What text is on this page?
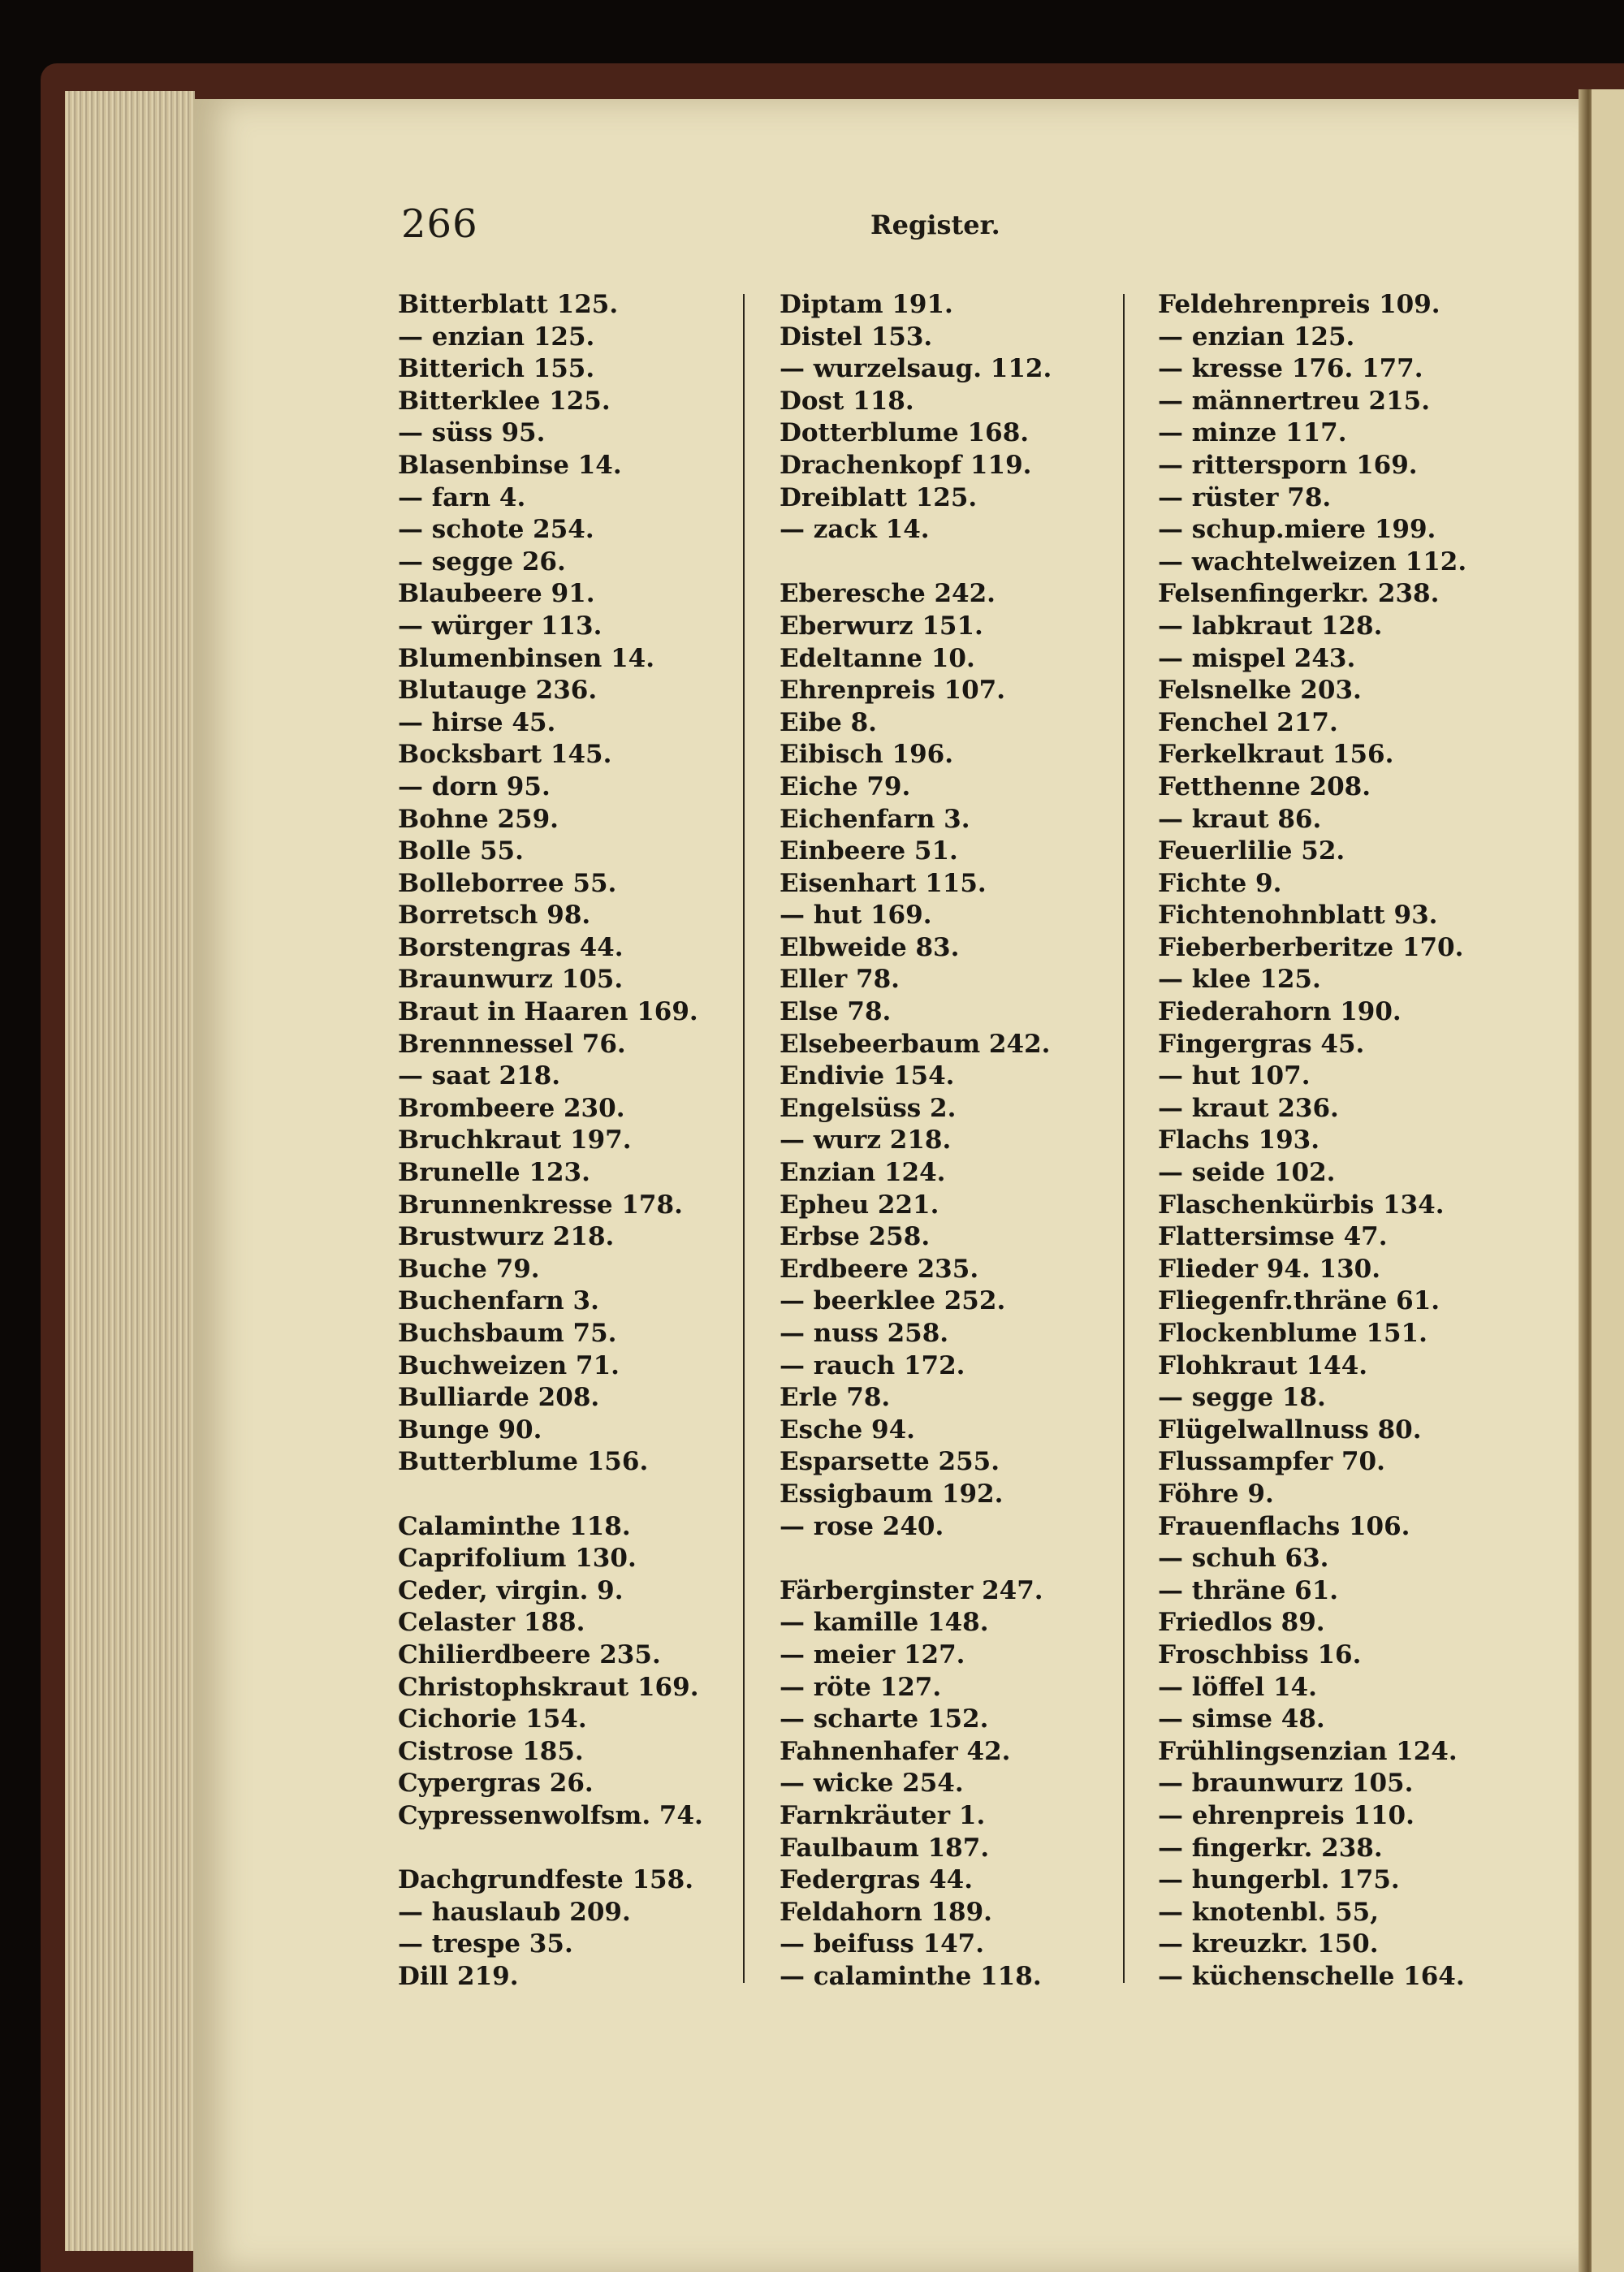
266	Register.
Bitterblatt 125.
— enzian 125.
Bitterich 155.
Bitterklee 125.
— süss 95.
Blasenbinse 14.
— farn 4.
— schote 254.
— segge 26.
Blaubeere 91.
— würger 113.
Blumenbinsen 14.
Blutauge 236.
— hirse 45.
Bocksbart 145.
— dorn 95.
Bohne 259.
Bolle 55.
Bolleborree 55.
Borretsch 98.
Borstengras 44.
Braunwurz 105.
Braut in Haaren 169.
Brennnessel 76.
— saat 218.
Brombeere 230.
Bruchkraut 197.
Brunelle 123.
Brunnenkresse 178.
Brustwurz 218.
Buche 79.
Buchenfarn 3.
Buchsbaum 75.
Buchweizen 71.
Bulliarde 208.
Bunge 90.
Butterblume 156.
Calaminthe 118.
Caprifolium 130.
Ceder, virgin. 9.
Celaster 188.
Chilierdbeere 235.
Christophskraut 169.
Cichorie 154.
Cistrose 185.
Cypergras 26.
Cypressenwolfsm. 74.
Dachgrundfeste 158.
— hauslaub 209.
— trespe 35.
Dill 219.
Diptam 191.
Distel 153.
— wurzelsaug. 112.
Dost 118.
Dotterblume 168.
Drachenkopf 119.
Dreiblatt 125.
— zack 14.
Eberesche 242.
Eberwurz 151.
Edeltanne 10.
Ehrenpreis 107.
Eibe 8.
Eibisch 196.
Eiche 79.
Eichenfarn 3.
Einbeere 51.
Eisenhart 115.
— hut 169.
Elbweide 83.
Eller 78.
Else 78.
Elsebeerbaum 242.
Endivie 154.
Engelsüss 2.
— wurz 218.
Enzian 124.
Epheu 221.
Erbse 258.
Erdbeere 235.
— beerklee 252.
— nuss 258.
— rauch 172.
Erle 78.
Esche 94.
Esparsette 255.
Essigbaum 192.
— rose 240.
Färberginster 247.
— kamille 148.
— meier 127.
— röte 127.
— scharte 152.
Fahnenhafer 42.
— wicke 254.
Farnkräuter 1.
Faulbaum 187.
Federgras 44.
Feldahorn 189.
— beifuss 147.
— calaminthe 118.
Feldehrenpreis 109.
— enzian 125.
— kresse 176. 177.
— männertreu 215.
— minze 117.
— rittersporn 169.
— rüster 78.
— schup.miere 199.
— wachtelweizen 112.
Felsenfingerkr. 238.
— labkraut 128.
— mispel 243.
Felsnelke 203.
Fenchel 217.
Ferkelkraut 156.
Fetthenne 208.
— kraut 86.
Feuerlilie 52.
Fichte 9.
Fichtenohnblatt 93.
Fieberberberitze 170.
— klee 125.
Fiederahorn 190.
Fingergras 45.
— hut 107.
— kraut 236.
Flachs 193.
— seide 102.
Flaschenkürbis 134.
Flattersimse 47.
Flieder 94. 130.
Fliegenfr.thräne 61.
Flockenblume 151.
Flohkraut 144.
— segge 18.
Flügelwallnuss 80.
Flussampfer 70.
Föhre 9.
Frauenflachs 106.
— schuh 63.
— thräne 61.
Friedlos 89.
Froschbiss 16.
— löffel 14.
— simse 48.
Frühlingsenzian 124.
— braunwurz 105.
— ehrenpreis 110.
— fingerkr. 238.
— hungerbl. 175.
— knotenbl. 55,
— kreuzkr. 150.
— küchenschelle 164.
